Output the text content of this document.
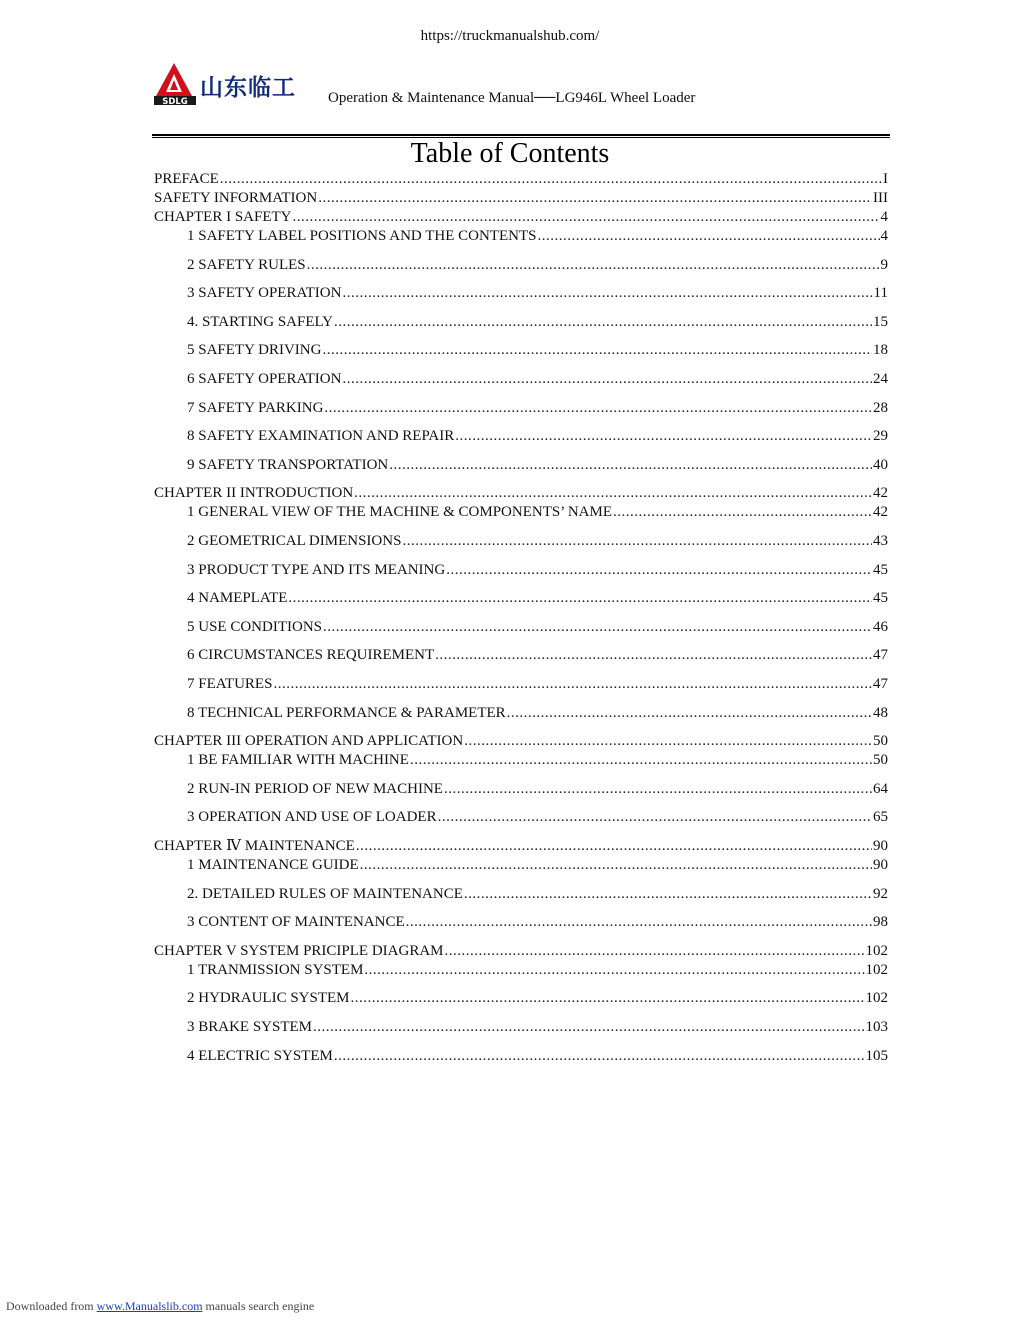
https://truckmanualshub.com/
SDLG
山东临工 Operation & Maintenance Manual──LG946L Wheel Loader
Table of Contents
PREFACE .....	I
SAFETY INFORMATION .....	III
CHAPTER I SAFETY .....	4
1 SAFETY LABEL POSITIONS AND THE CONTENTS .....	4
2 SAFETY RULES .....	9
3 SAFETY OPERATION .....	11
4. STARTING SAFELY .....	15
5 SAFETY DRIVING .....	18
6 SAFETY OPERATION .....	24
7 SAFETY PARKING .....	28
8 SAFETY EXAMINATION AND REPAIR .....	29
9 SAFETY TRANSPORTATION .....	40
CHAPTER II INTRODUCTION .....	42
1 GENERAL VIEW OF THE MACHINE & COMPONENTS’ NAME .....	42
2 GEOMETRICAL DIMENSIONS .....	43
3 PRODUCT TYPE AND ITS MEANING .....	45
4 NAMEPLATE .....	45
5 USE CONDITIONS .....	46
6 CIRCUMSTANCES REQUIREMENT .....	47
7 FEATURES .....	47
8 TECHNICAL PERFORMANCE & PARAMETER .....	48
CHAPTER III OPERATION AND APPLICATION .....	50
1 BE FAMILIAR WITH MACHINE .....	50
2 RUN-IN PERIOD OF NEW MACHINE .....	64
3 OPERATION AND USE OF LOADER .....	65
CHAPTER Ⅳ MAINTENANCE .....	90
1 MAINTENANCE GUIDE .....	90
2. DETAILED RULES OF MAINTENANCE .....	92
3 CONTENT OF MAINTENANCE .....	98
CHAPTER V SYSTEM PRICIPLE DIAGRAM .....	102
1 TRANMISSION SYSTEM .....	102
2 HYDRAULIC SYSTEM .....	102
3 BRAKE SYSTEM .....	103
4 ELECTRIC SYSTEM .....	105
Downloaded from www.Manualslib.com manuals search engine
